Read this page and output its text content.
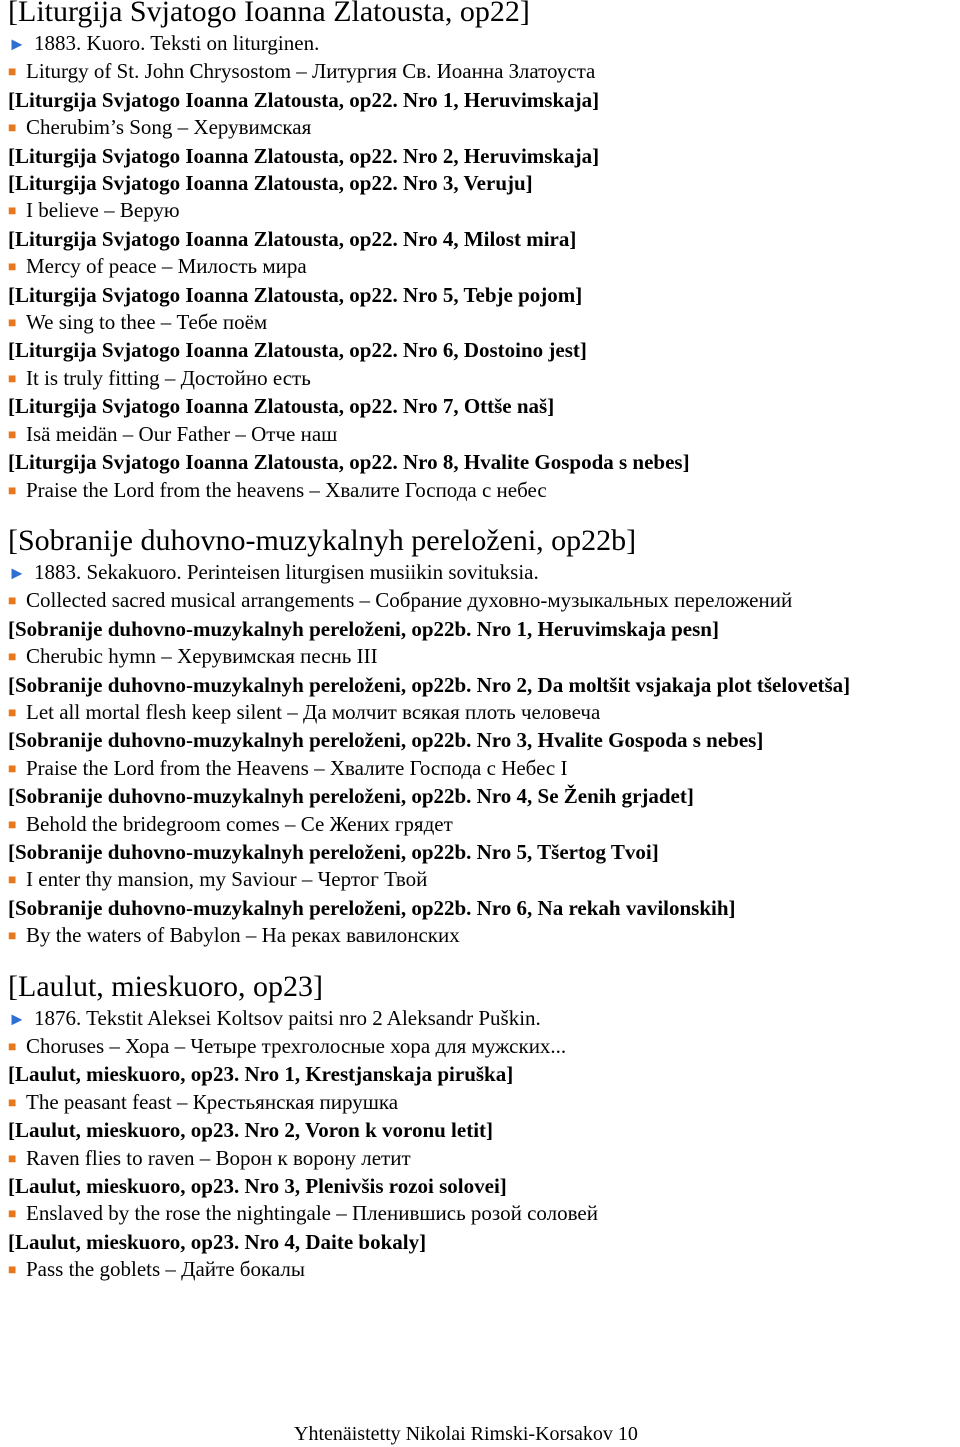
[Liturgija Svjatogo Ioanna Zlatousta, op22]
► 1883. Kuoro. Teksti on liturginen.
■ Liturgy of St. John Chrysostom – Литургия Св. Иоанна Златоуста
[Liturgija Svjatogo Ioanna Zlatousta, op22. Nro 1, Heruvimskaja]
■ Cherubim’s Song – Херувимская
[Liturgija Svjatogo Ioanna Zlatousta, op22. Nro 2, Heruvimskaja]
[Liturgija Svjatogo Ioanna Zlatousta, op22. Nro 3, Veruju]
■ I believe – Верую
[Liturgija Svjatogo Ioanna Zlatousta, op22. Nro 4, Milost mira]
■ Mercy of peace – Милость мира
[Liturgija Svjatogo Ioanna Zlatousta, op22. Nro 5, Tebje pojom]
■ We sing to thee – Тебе поём
[Liturgija Svjatogo Ioanna Zlatousta, op22. Nro 6, Dostoino jest]
■ It is truly fitting – Достойно есть
[Liturgija Svjatogo Ioanna Zlatousta, op22. Nro 7, Ottše naš]
■ Isä meidän – Our Father – Отче наш
[Liturgija Svjatogo Ioanna Zlatousta, op22. Nro 8, Hvalite Gospoda s nebes]
■ Praise the Lord from the heavens – Хвалите Господа с небес
[Sobranije duhovno-muzykalnyh pereloženi, op22b]
► 1883. Sekakuoro. Perinteisen liturgisen musiikin sovituksia.
■ Collected sacred musical arrangements – Собрание духовно-музыкальных переложений
[Sobranije duhovno-muzykalnyh pereloženi, op22b. Nro 1, Heruvimskaja pesn]
■ Cherubic hymn – Херувимская песнь III
[Sobranije duhovno-muzykalnyh pereloženi, op22b. Nro 2, Da moltšit vsjakaja plot tšelovetša]
■ Let all mortal flesh keep silent – Да молчит всякая плоть человеча
[Sobranije duhovno-muzykalnyh pereloženi, op22b. Nro 3, Hvalite Gospoda s nebes]
■ Praise the Lord from the Heavens – Хвалите Господа с Небес I
[Sobranije duhovno-muzykalnyh pereloženi, op22b. Nro 4, Se Ženih grjadet]
■ Behold the bridegroom comes – Се Жених грядет
[Sobranije duhovno-muzykalnyh pereloženi, op22b. Nro 5, Tšertog Tvoi]
■ I enter thy mansion, my Saviour – Чертог Твой
[Sobranije duhovno-muzykalnyh pereloženi, op22b. Nro 6, Na rekah vavilonskih]
■ By the waters of Babylon – На реках вавилонских
[Laulut, mieskuoro, op23]
► 1876. Tekstit Aleksei Koltsov paitsi nro 2 Aleksandr Puškin.
■ Choruses – Хора – Четыре трехголосные хора для мужских...
[Laulut, mieskuoro, op23. Nro 1, Krestjanskaja piruška]
■ The peasant feast – Крестьянская пирушка
[Laulut, mieskuoro, op23. Nro 2, Voron k voronu letit]
■ Raven flies to raven – Ворон к ворону летит
[Laulut, mieskuoro, op23. Nro 3, Plenivšis rozoi solovei]
■ Enslaved by the rose the nightingale – Пленившись розой соловей
[Laulut, mieskuoro, op23. Nro 4, Daite bokaly]
■ Pass the goblets – Дайте бокалы
Yhtenäistetty Nikolai Rimski-Korsakov 10
